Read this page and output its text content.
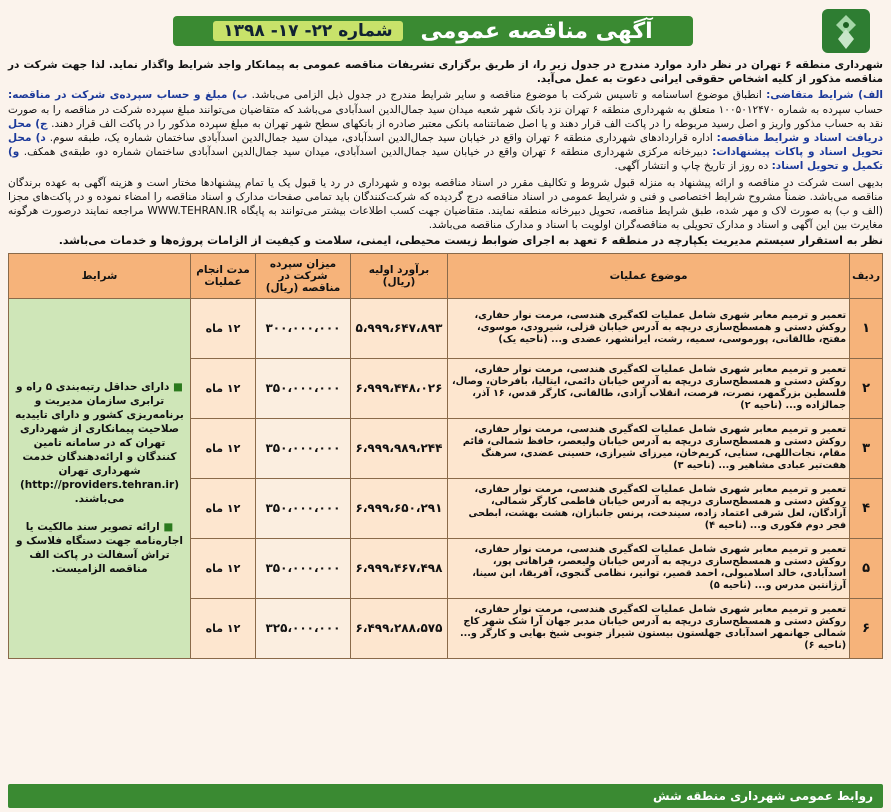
آگهی مناقصه عمومی
شماره ۲۲- ۱۷- ۱۳۹۸

شهرداری منطقه ۶ تهران در نظر دارد موارد مندرج در جدول زیر را، از طریق برگزاری تشریفات مناقصه عمومی به پیمانکار واجد شرایط واگذار نماید. لذا جهت شرکت در مناقصه مذکور از کلیه اشخاص حقوقی ایرانی دعوت به عمل می‌آید.

الف) شرایط متقاضی: انطباق موضوع اساسنامه و تاسیس شرکت با موضوع مناقصه و سایر شرایط مندرج در جدول ذیل الزامی می‌باشد. ب) مبلغ و حساب سپرده‌ی شرکت در مناقصه: حساب سپرده به شماره ۱۰۰۵۰۱۲۴۷۰ متعلق به شهرداری منطقه ۶ تهران نزد بانک شهر شعبه میدان سید جمال‌الدین اسدآبادی می‌باشد که متقاضیان می‌توانند مبلغ سپرده شرکت در مناقصه را به صورت نقد به حساب مذکور واریز و اصل رسید مربوطه را در پاکت الف قرار دهند و یا اصل ضمانتنامه بانکی معتبر صادره از بانکهای سطح شهر تهران به مبلغ سپرده مذکور را در پاکت الف قرار دهند. ج) محل دریافت اسناد و شرایط مناقصه: اداره قراردادهای شهرداری منطقه ۶ تهران واقع در خیابان سید جمال‌الدین اسدآبادی، میدان سید جمال‌الدین اسدآبادی ساختمان شماره یک، طبقه سوم. د) محل تحویل اسناد و پاکات پیشنهادات: دبیرخانه مرکزی شهرداری منطقه ۶ تهران واقع در خیابان سید جمال‌الدین اسدآبادی، میدان سید جمال‌الدین اسدآبادی ساختمان شماره دو، طبقه‌ی همکف. و) تکمیل و تحویل اسناد: ده روز از تاریخ چاپ و انتشار آگهی.

بدیهی است شرکت در مناقصه و ارائه پیشنهاد به منزله قبول شروط و تکالیف مقرر در اسناد مناقصه بوده و شهرداری در رد یا قبول یک یا تمام پیشنهادها مختار است و هزینه آگهی به عهده برندگان مناقصه می‌باشد. ضمناً مشروح شرایط اختصاصی و فنی و شرایط عمومی در اسناد مناقصه درج گردیده که شرکت‌کنندگان باید تمامی صفحات مدارک و اسناد مناقصه را امضاء نموده و در پاکت‌های مجزا (الف و ب) به صورت لاک و مهر شده، طبق شرایط مناقصه، تحویل دبیرخانه منطقه نمایند. متقاضیان جهت کسب اطلاعات بیشتر می‌توانند به پایگاه WWW.TEHRAN.IR مراجعه نمایند درصورت هرگونه مغایرت بین این آگهی و اسناد و مدارک تحویلی به مناقصه‌گران اولویت با اسناد و مدارک مناقصه می‌باشد.

نظر به استقرار سیستم مدیریت یکپارچه در منطقه ۶ تعهد به اجرای ضوابط زیست محیطی، ایمنی، سلامت و کیفیت از الزامات پروژه‌ها و خدمات می‌باشد.

ردیف	موضوع عملیات	برآورد اولیه (ریال)	میزان سپرده شرکت در مناقصه (ریال)	مدت انجام عملیات	شرایط
۱	تعمیر و ترمیم معابر شهری شامل عملیات لکه‌گیری هندسی، مرمت نوار حفاری، روکش دستی و همسطح‌سازی دریچه به آدرس خیابان قزلی، شیرودی، موسوی، مفتح، طالقانی، پورموسی، سمیه، رشت، ایرانشهر، عضدی و... (ناحیه یک)	۵،۹۹۹،۶۴۷،۸۹۳	۳۰۰،۰۰۰،۰۰۰	۱۲ ماه	■ دارای حداقل رتبه‌بندی ۵ راه و ترابری سازمان مدیریت و برنامه‌ریزی کشور و دارای تاییدیه صلاحیت پیمانکاری از شهرداری تهران که در سامانه تامین کنندگان و ارائه‌دهندگان خدمت شهرداری تهران (http://providers.tehran.ir) می‌باشند.

■ ارائه تصویر سند مالکیت یا اجاره‌نامه جهت دستگاه فلاسک و تراش آسفالت در پاکت الف مناقصه الزامیست.
۲	تعمیر و ترمیم معابر شهری شامل عملیات لکه‌گیری هندسی، مرمت نوار حفاری، روکش دستی و همسطح‌سازی دریچه به آدرس خیابان دائمی، ایتالیا، بافرخان، وصال، فلسطین بزرگمهر، نصرت، فرصت، انقلاب آزادی، طالقانی، کارگر قدس، ۱۶ آذر، جمالزاده و... (ناحیه ۲)	۶،۹۹۹،۴۴۸،۰۲۶	۳۵۰،۰۰۰،۰۰۰	۱۲ ماه	
۳	تعمیر و ترمیم معابر شهری شامل عملیات لکه‌گیری هندسی، مرمت نوار حفاری، روکش دستی و همسطح‌سازی دریچه به آدرس خیابان ولیعصر، حافظ شمالی، قائم مقام، نجات‌اللهی، سنایی، کریم‌خان، میرزای شیرازی، حسینی عضدی، سرهنگ هفت‌تیر عبادی مشاهیر و... (ناحیه ۳)	۶،۹۹۹،۹۸۹،۲۴۴	۳۵۰،۰۰۰،۰۰۰	۱۲ ماه	
۴	تعمیر و ترمیم معابر شهری شامل عملیات لکه‌گیری هندسی، مرمت نوار حفاری، روکش دستی و همسطح‌سازی دریچه به آدرس خیابان فاطمی کارگر شمالی، آزادگان، لعل شرقی اعتماد زاده، سیندخت، پرنس جانبازان، هشت بهشت، ابطحی فجر دوم فکوری و... (ناحیه ۴)	۶،۹۹۹،۶۵۰،۲۹۱	۳۵۰،۰۰۰،۰۰۰	۱۲ ماه	
۵	تعمیر و ترمیم معابر شهری شامل عملیات لکه‌گیری هندسی، مرمت نوار حفاری، روکش دستی و همسطح‌سازی دریچه به آدرس خیابان ولیعصر، فراهانی پور، اسدآبادی، خالد اسلامبولی، احمد قصیر، توانیر، نظامی گنجوی، آفریقا، ابن سینا، آرژانتین مدرس و... (ناحیه ۵)	۶،۹۹۹،۴۶۷،۴۹۸	۳۵۰،۰۰۰،۰۰۰	۱۲ ماه	
۶	تعمیر و ترمیم معابر شهری شامل عملیات لکه‌گیری هندسی، مرمت نوار حفاری، روکش دستی و همسطح‌سازی دریچه به آدرس خیابان مدبر جهان آرا شک شهر کاج شمالی جهانمهر اسدآبادی جهلستون بیستون شیراز جنوبی شیخ بهایی و کارگر و... (ناحیه ۶)	۶،۴۹۹،۲۸۸،۵۷۵	۳۲۵،۰۰۰،۰۰۰	۱۲ ماه	
روابط عمومی شهرداری منطقه شش
